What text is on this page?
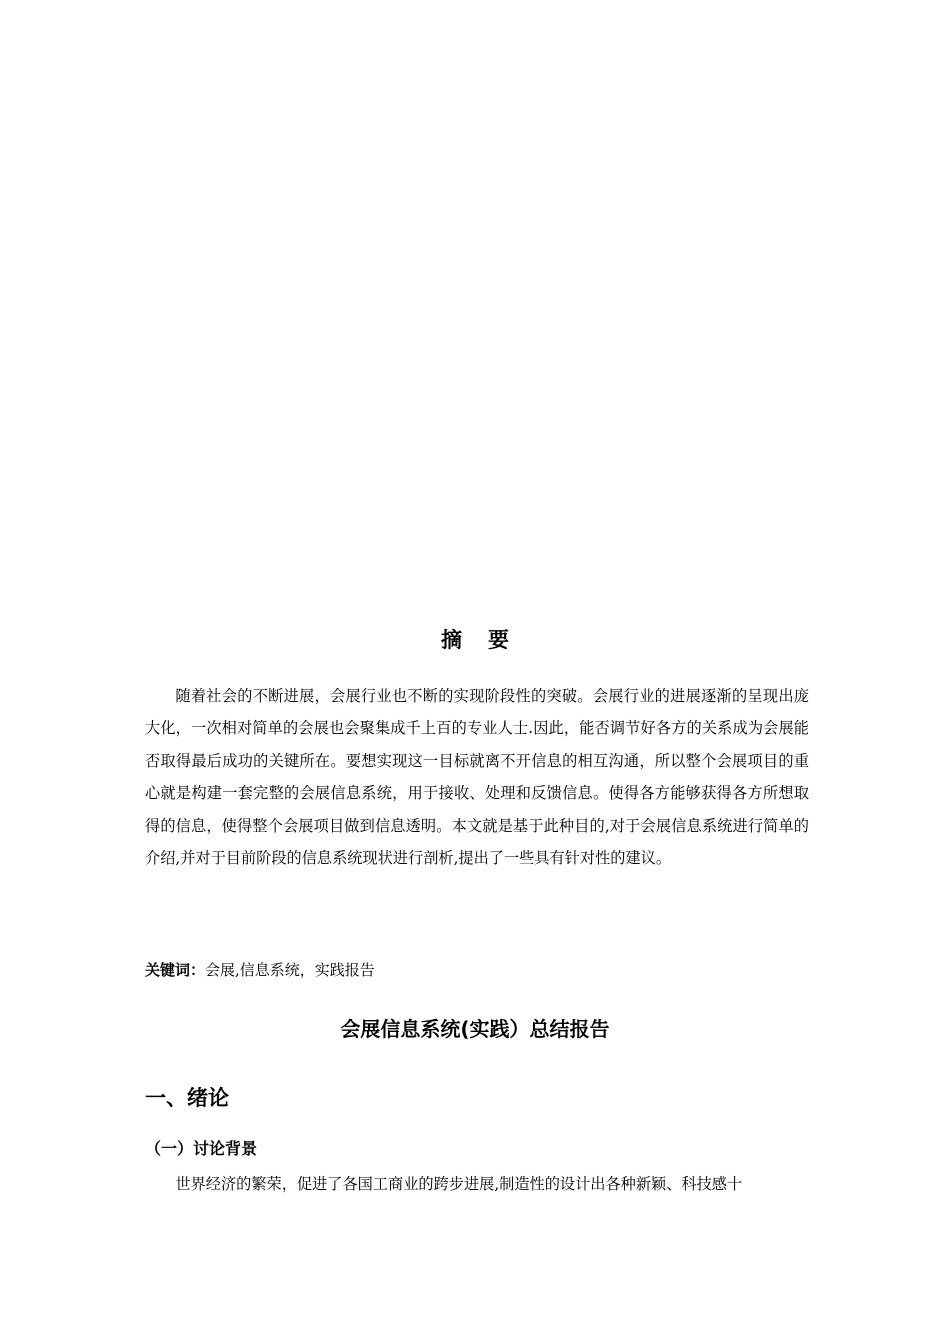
摘 要

随着社会的不断进展，会展行业也不断的实现阶段性的突破。会展行业的进展逐渐的呈现出庞大化，一次相对简单的会展也会聚集成千上百的专业人士.因此，能否调节好各方的关系成为会展能否取得最后成功的关键所在。要想实现这一目标就离不开信息的相互沟通，所以整个会展项目的重心就是构建一套完整的会展信息系统，用于接收、处理和反馈信息。使得各方能够获得各方所想取得的信息，使得整个会展项目做到信息透明。本文就是基于此种目的,对于会展信息系统进行简单的介绍,并对于目前阶段的信息系统现状进行剖析,提出了一些具有针对性的建议。

关键词：会展,信息系统，实践报告

会展信息系统(实践）总结报告
一、绪论
（一）讨论背景

世界经济的繁荣，促进了各国工商业的跨步进展,制造性的设计出各种新颖、科技感十
